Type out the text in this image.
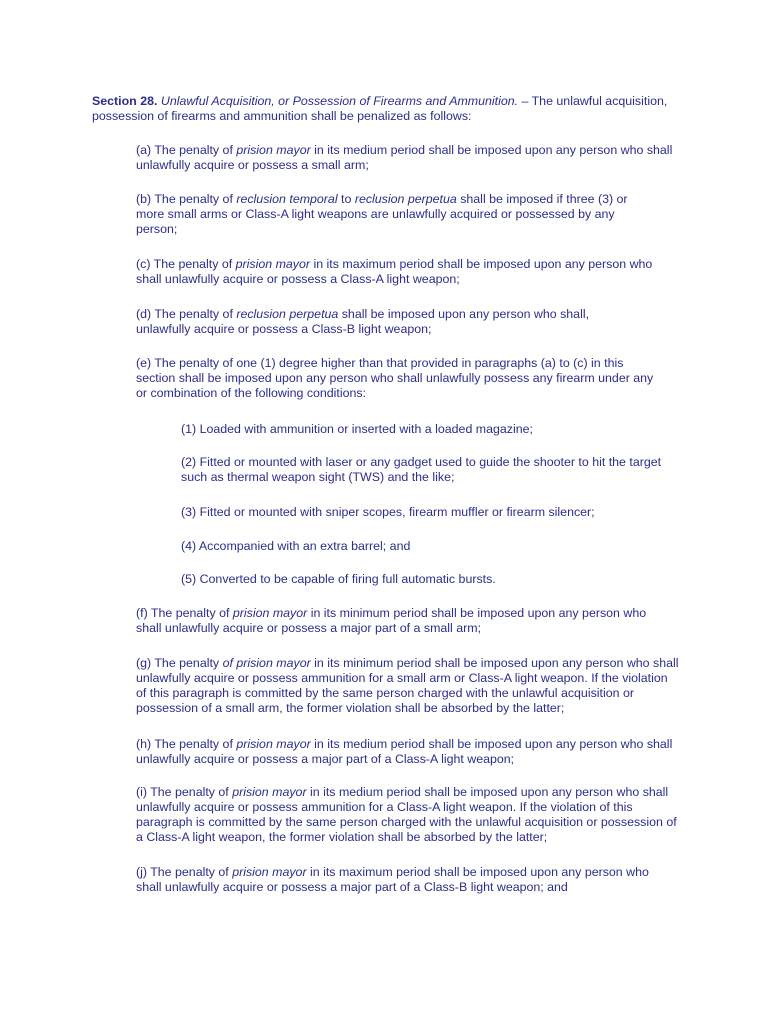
Section 28. Unlawful Acquisition, or Possession of Firearms and Ammunition. – The unlawful acquisition, possession of firearms and ammunition shall be penalized as follows:

(a) The penalty of prision mayor in its medium period shall be imposed upon any person who shall unlawfully acquire or possess a small arm;

(b) The penalty of reclusion temporal to reclusion perpetua shall be imposed if three (3) or more small arms or Class-A light weapons are unlawfully acquired or possessed by any person;

(c) The penalty of prision mayor in its maximum period shall be imposed upon any person who shall unlawfully acquire or possess a Class-A light weapon;

(d) The penalty of reclusion perpetua shall be imposed upon any person who shall, unlawfully acquire or possess a Class-B light weapon;

(e) The penalty of one (1) degree higher than that provided in paragraphs (a) to (c) in this section shall be imposed upon any person who shall unlawfully possess any firearm under any or combination of the following conditions:

(1) Loaded with ammunition or inserted with a loaded magazine;

(2) Fitted or mounted with laser or any gadget used to guide the shooter to hit the target such as thermal weapon sight (TWS) and the like;

(3) Fitted or mounted with sniper scopes, firearm muffler or firearm silencer;

(4) Accompanied with an extra barrel; and

(5) Converted to be capable of firing full automatic bursts.

(f) The penalty of prision mayor in its minimum period shall be imposed upon any person who shall unlawfully acquire or possess a major part of a small arm;

(g) The penalty of prision mayor in its minimum period shall be imposed upon any person who shall unlawfully acquire or possess ammunition for a small arm or Class-A light weapon. If the violation of this paragraph is committed by the same person charged with the unlawful acquisition or possession of a small arm, the former violation shall be absorbed by the latter;

(h) The penalty of prision mayor in its medium period shall be imposed upon any person who shall unlawfully acquire or possess a major part of a Class-A light weapon;

(i) The penalty of prision mayor in its medium period shall be imposed upon any person who shall unlawfully acquire or possess ammunition for a Class-A light weapon. If the violation of this paragraph is committed by the same person charged with the unlawful acquisition or possession of a Class-A light weapon, the former violation shall be absorbed by the latter;

(j) The penalty of prision mayor in its maximum period shall be imposed upon any person who shall unlawfully acquire or possess a major part of a Class-B light weapon; and
